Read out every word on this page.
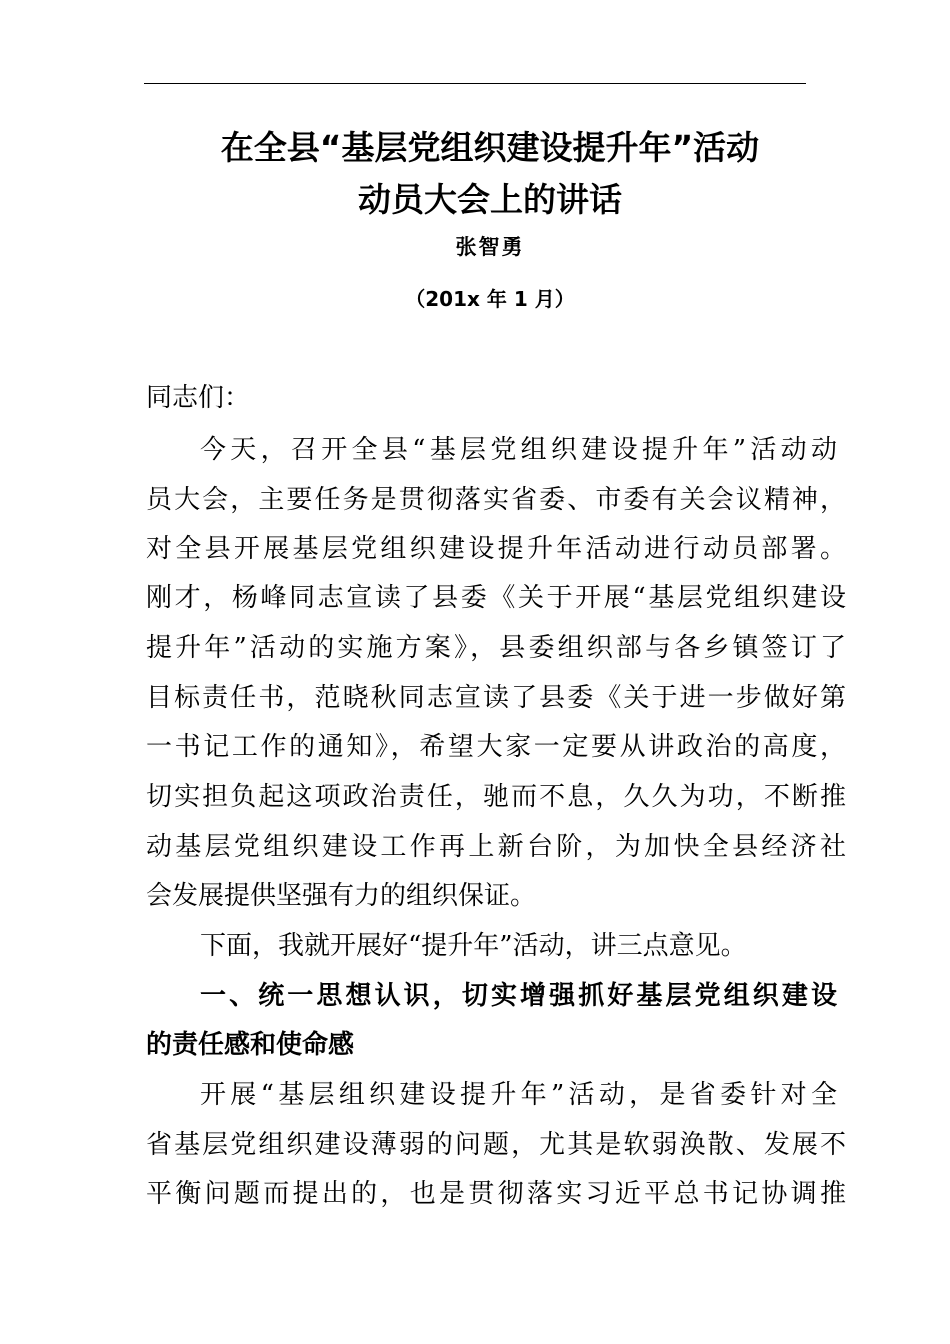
在全县“基层党组织建设提升年”活动
动员大会上的讲话
张智勇
（201x 年 1 月）
同志们：
今天，召开全县“基层党组织建设提升年”活动动
员大会，主要任务是贯彻落实省委、市委有关会议精神，
对全县开展基层党组织建设提升年活动进行动员部署。
刚才，杨峰同志宣读了县委《关于开展“基层党组织建设
提升年”活动的实施方案》，县委组织部与各乡镇签订了
目标责任书，范晓秋同志宣读了县委《关于进一步做好第
一书记工作的通知》，希望大家一定要从讲政治的高度，
切实担负起这项政治责任，驰而不息，久久为功，不断推
动基层党组织建设工作再上新台阶，为加快全县经济社
会发展提供坚强有力的组织保证。
下面，我就开展好“提升年”活动，讲三点意见。
一、统一思想认识，切实增强抓好基层党组织建设
的责任感和使命感
开展“基层组织建设提升年”活动，是省委针对全
省基层党组织建设薄弱的问题，尤其是软弱涣散、发展不
平衡问题而提出的，也是贯彻落实习近平总书记协调推
